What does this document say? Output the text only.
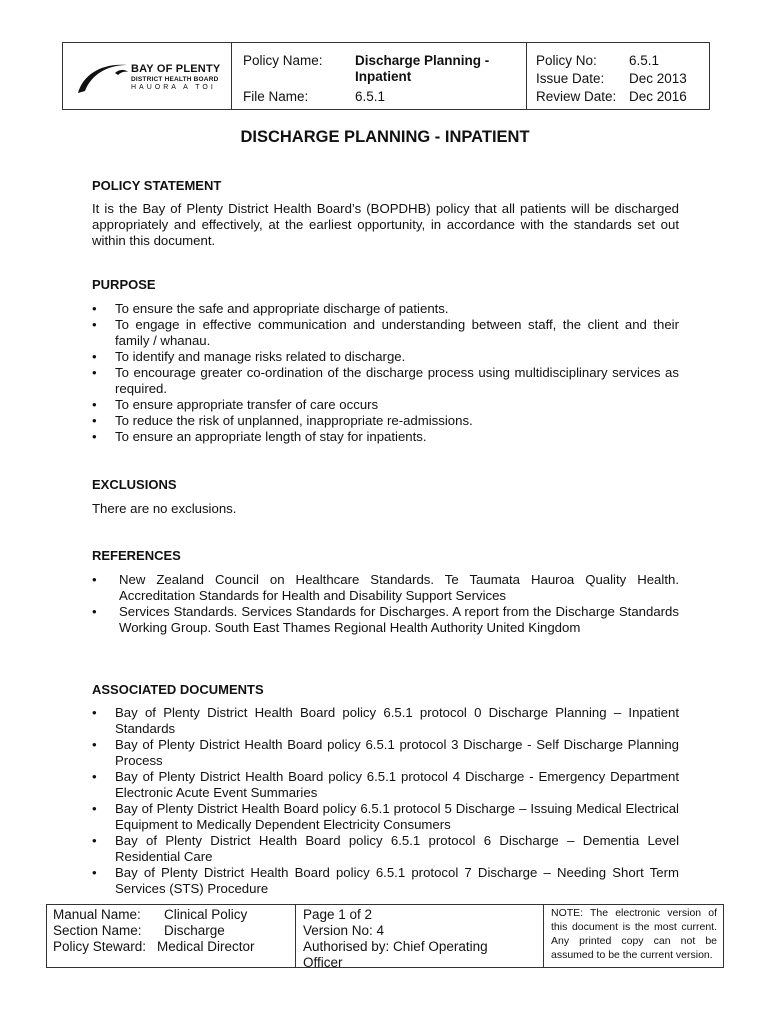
BAY OF PLENTY
DISTRICT HEALTH BOARD
HAUORA A TOI
Policy Name: Discharge Planning -
Inpatient
File Name:	6.5.1
Policy No: 6.5.1
Issue Date: Dec 2013
Review Date: Dec 2016
DISCHARGE PLANNING - INPATIENT

POLICY STATEMENT

It is the Bay of Plenty District Health Board’s (BOPDHB) policy that all patients will be discharged appropriately and effectively, at the earliest opportunity, in accordance with the standards set out within this document.

PURPOSE

• To ensure the safe and appropriate discharge of patients.
• To engage in effective communication and understanding between staff, the client and their family / whanau.
• To identify and manage risks related to discharge.
• To encourage greater co-ordination of the discharge process using multidisciplinary services as required.
• To ensure appropriate transfer of care occurs
• To reduce the risk of unplanned, inappropriate re-admissions.
• To ensure an appropriate length of stay for inpatients.

EXCLUSIONS

There are no exclusions.

REFERENCES

• New Zealand Council on Healthcare Standards. Te Taumata Hauroa Quality Health. Accreditation Standards for Health and Disability Support Services
• Services Standards. Services Standards for Discharges. A report from the Discharge Standards Working Group. South East Thames Regional Health Authority United Kingdom

ASSOCIATED DOCUMENTS

• Bay of Plenty District Health Board policy 6.5.1 protocol 0 Discharge Planning – Inpatient Standards
• Bay of Plenty District Health Board policy 6.5.1 protocol 3 Discharge - Self Discharge Planning Process
• Bay of Plenty District Health Board policy 6.5.1 protocol 4 Discharge - Emergency Department Electronic Acute Event Summaries
• Bay of Plenty District Health Board policy 6.5.1 protocol 5 Discharge – Issuing Medical Electrical Equipment to Medically Dependent Electricity Consumers
• Bay of Plenty District Health Board policy 6.5.1 protocol 6 Discharge – Dementia Level Residential Care
• Bay of Plenty District Health Board policy 6.5.1 protocol 7 Discharge – Needing Short Term Services (STS) Procedure
Manual Name: Clinical Policy
Section Name: Discharge
Policy Steward: Medical Director
Page 1 of 2
Version No: 4
Authorised by: Chief Operating
Officer
NOTE: The electronic version of this document is the most current. Any printed copy can not be assumed to be the current version.
